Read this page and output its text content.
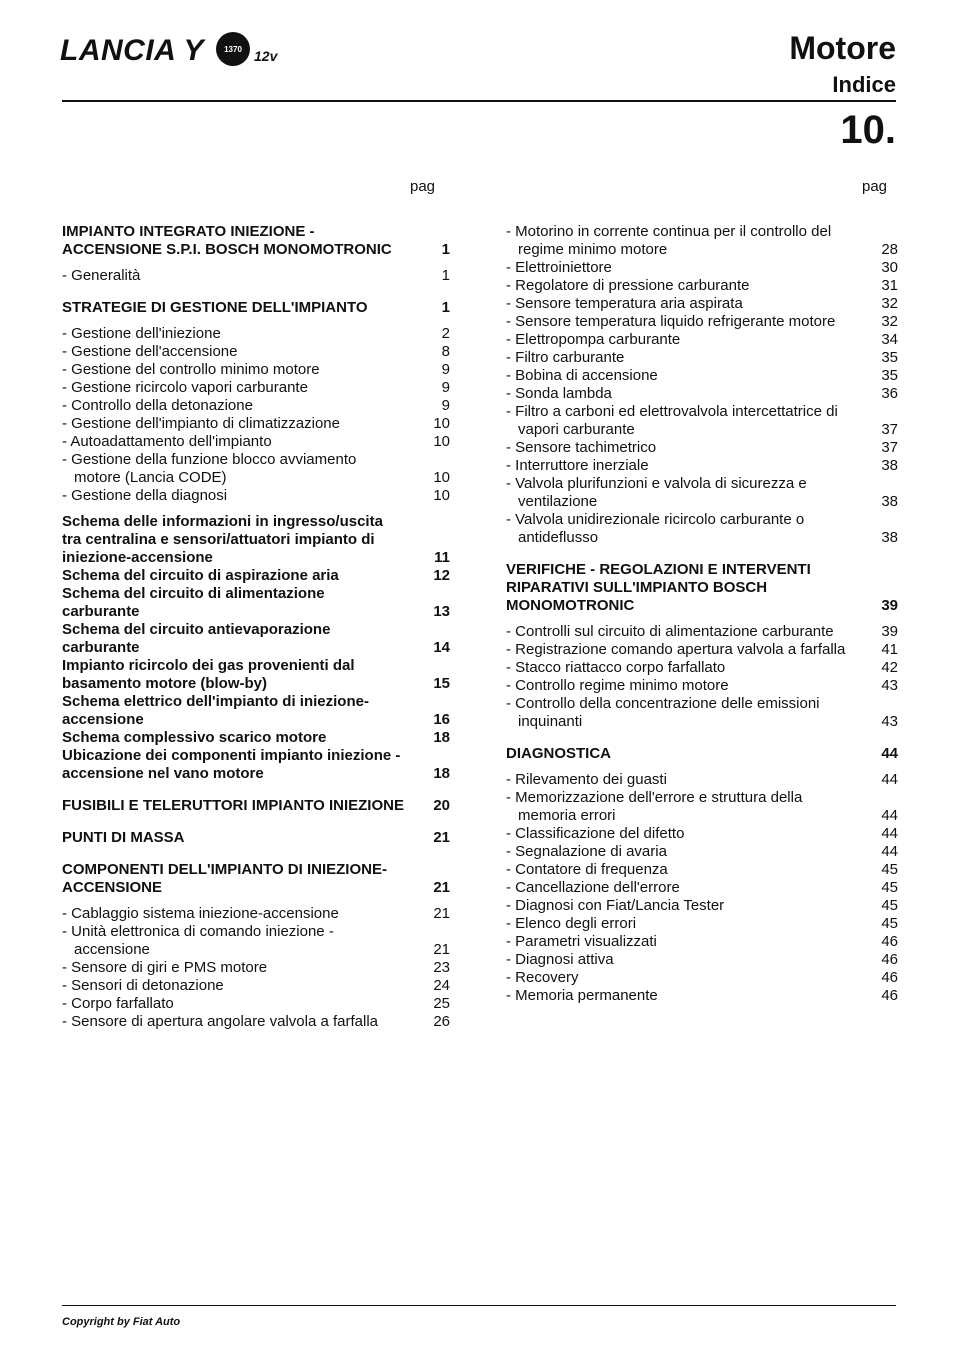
LANCIA Y	1370 12v	Motore
Indice
10.
pag	pag
IMPIANTO INTEGRATO INIEZIONE - ACCENSIONE S.P.I. BOSCH MONOMOTRONIC	1
- Generalità	1
STRATEGIE DI GESTIONE DELL'IMPIANTO	1
- Gestione dell'iniezione	2
- Gestione dell'accensione	8
- Gestione del controllo minimo motore	9
- Gestione ricircolo vapori carburante	9
- Controllo della detonazione	9
- Gestione dell'impianto di climatizzazione	10
- Autoadattamento dell'impianto	10
- Gestione della funzione blocco avviamento motore (Lancia CODE)	10
- Gestione della diagnosi	10
Schema delle informazioni in ingresso/uscita tra centralina e sensori/attuatori impianto di iniezione-accensione	11
Schema del circuito di aspirazione aria	12
Schema del circuito di alimentazione carburante	13
Schema del circuito antievaporazione carburante	14
Impianto ricircolo dei gas provenienti dal basamento motore (blow-by)	15
Schema elettrico dell'impianto di iniezione-accensione	16
Schema complessivo scarico motore	18
Ubicazione dei componenti impianto iniezione - accensione nel vano motore	18
FUSIBILI E TELERUTTORI IMPIANTO INIEZIONE	20
PUNTI DI MASSA	21
COMPONENTI DELL'IMPIANTO DI INIEZIONE-ACCENSIONE	21
- Cablaggio sistema iniezione-accensione	21
- Unità elettronica di comando iniezione - accensione	21
- Sensore di giri e PMS motore	23
- Sensori di detonazione	24
- Corpo farfallato	25
- Sensore di apertura angolare valvola a farfalla	26
- Motorino in corrente continua per il controllo del regime minimo motore	28
- Elettroiniettore	30
- Regolatore di pressione carburante	31
- Sensore temperatura aria aspirata	32
- Sensore temperatura liquido refrigerante motore	32
- Elettropompa carburante	34
- Filtro carburante	35
- Bobina di accensione	35
- Sonda lambda	36
- Filtro a carboni ed elettrovalvola intercettatrice di vapori carburante	37
- Sensore tachimetrico	37
- Interruttore inerziale	38
- Valvola plurifunzioni e valvola di sicurezza e ventilazione	38
- Valvola unidirezionale ricircolo carburante o antideflusso	38
VERIFICHE - REGOLAZIONI E INTERVENTI RIPARATIVI SULL'IMPIANTO BOSCH MONOMOTRONIC	39
- Controlli sul circuito di alimentazione carburante	39
- Registrazione comando apertura valvola a farfalla	41
- Stacco riattacco corpo farfallato	42
- Controllo regime minimo motore	43
- Controllo della concentrazione delle emissioni inquinanti	43
DIAGNOSTICA	44
- Rilevamento dei guasti	44
- Memorizzazione dell'errore e struttura della memoria errori	44
- Classificazione del difetto	44
- Segnalazione di avaria	44
- Contatore di frequenza	45
- Cancellazione dell'errore	45
- Diagnosi con Fiat/Lancia Tester	45
- Elenco degli errori	45
- Parametri visualizzati	46
- Diagnosi attiva	46
- Recovery	46
- Memoria permanente	46
Copyright by Fiat Auto
